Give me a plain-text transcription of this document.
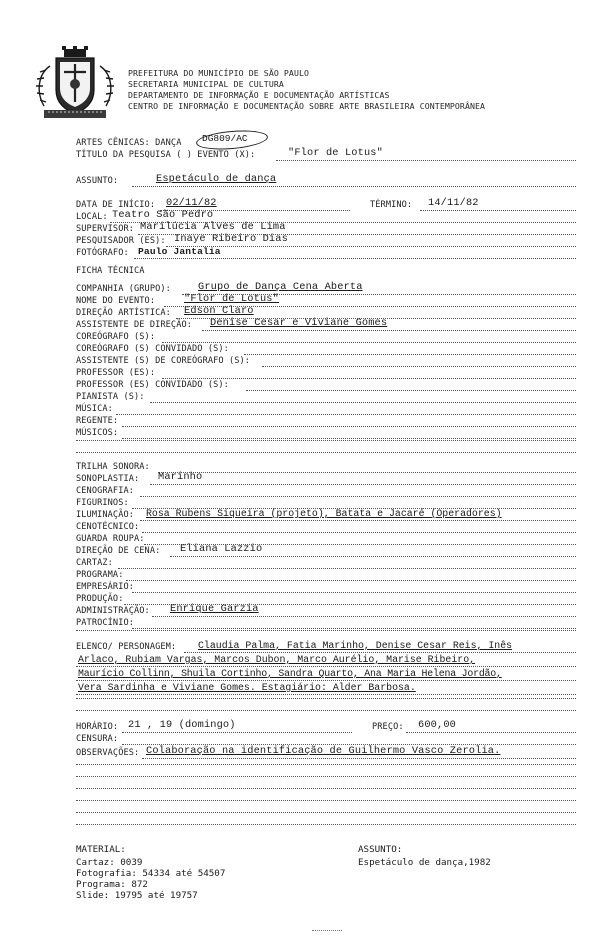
PREFEITURA DO MUNICÍPIO DE SÃO PAULO
SECRETARIA MUNICIPAL DE CULTURA
DEPARTAMENTO DE INFORMAÇÃO E DOCUMENTAÇÃO ARTÍSTICAS
CENTRO DE INFORMAÇÃO E DOCUMENTAÇÃO SOBRE ARTE BRASILEIRA CONTEMPORÂNEA
DG809/AC
ARTES CÊNICAS: DANÇA
TÍTULO DA PESQUISA ( ) EVENTO (X):	"Flor de Lotus"
ASSUNTO:	Espetáculo de dança
DATA DE INÍCIO: 02/11/82	TÉRMINO: 14/11/82
LOCAL: Teatro São Pedro
SUPERVISOR: Marilúcia Alves de Lima
PESQUISADOR (ES): Inaye Ribeiro Dias
FOTÓGRAFO: Paulo Jantalia
FICHA TÉCNICA
COMPANHIA (GRUPO):	Grupo de Dança Cena Aberta
NOME DO EVENTO:	"Flor de Lotus"
DIREÇÃO ARTÍSTICA: Edson Claro
ASSISTENTE DE DIREÇÃO: Denise Cesar e Viviane Gomes
COREÓGRAFO (S):
COREÓGRAFO (S) CONVIDADO (S):
ASSISTENTE (S) DE COREÓGRAFO (S):
PROFESSOR (ES):
PROFESSOR (ES) CONVIDADO (S):
PIANISTA (S):
MÚSICA:
REGENTE:
MÚSICOS:
TRILHA SONORA:
SONOPLASTIA: Marinho
CENOGRAFIA:
FIGURINOS:
ILUMINAÇÃO: Rosa Rubens Siqueira (projeto), Batata e Jacaré (Operadores)
CENOTÉCNICO:
GUARDA ROUPA:
DIREÇÃO DE CENA: Eliana Lazzio
CARTAZ:
PROGRAMA:
EMPRESÁRIO:
PRODUÇÃO:
ADMINISTRAÇÃO: Enrique Garzia
PATROCÍNIO:
ELENCO/ PERSONAGEM: Claudia Palma, Fatia Marinho, Denise Cesar Reis, Inês
Arlaco, Rubiam Vargas, Marcos Dubon, Marco Aurélio, Marise Ribeiro,
Maurício Collinn, Shuila Cortinho, Sandra Quarto, Ana Maria Helena Jordão,
Vera Sardinha e Viviane Gomes. Estagiário: Alder Barbosa.
HORÁRIO: 21 , 19 (domingo)	PREÇO: 600,00
CENSURA:
OBSERVAÇÕES: Colaboração na identificação de Guilhermo Vasco Zerolia.
MATERIAL:
Cartaz: 0039
Fotografia: 54334 até 54507
Programa: 872
Slide: 19795 até 19757
ASSUNTO:
Espetáculo de dança,1982
